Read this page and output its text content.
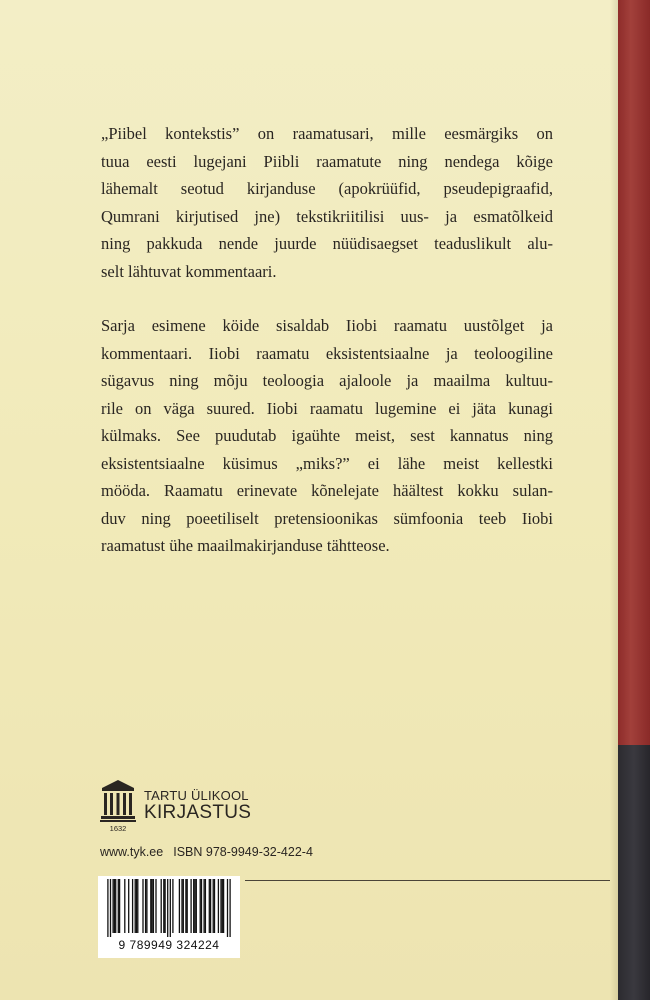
„Piibel kontekstis” on raamatusari, mille eesmärgiks on
tuua eesti lugejani Piibli raamatute ning nendega kõige
lähemalt seotud kirjanduse (apokrüüfid, pseudepigraafid,
Qumrani kirjutised jne) tekstikriitilisi uus- ja esmatõlkeid
ning pakkuda nende juurde nüüdisaegset teaduslikult alu-
selt lähtuvat kommentaari.

Sarja esimene köide sisaldab Iiobi raamatu uustõlget ja
kommentaari. Iiobi raamatu eksistentsiaalne ja teoloogiline
sügavus ning mõju teoloogia ajaloole ja maailma kultuu-
rile on väga suured. Iiobi raamatu lugemine ei jäta kunagi
külmaks. See puudutab igaühte meist, sest kannatus ning
eksistentsiaalne küsimus „miks?” ei lähe meist kellestki
mööda. Raamatu erinevate kõnelejate häältest kokku sulan-
duv ning poeetiliselt pretensioonikas sümfoonia teeb Iiobi
raamatust ühe maailmakirjanduse tähtteose.

1632
TARTU ÜLIKOOL
KIRJASTUS
www.tyk.ee ISBN 978-9949-32-422-4
9 789949 324224
